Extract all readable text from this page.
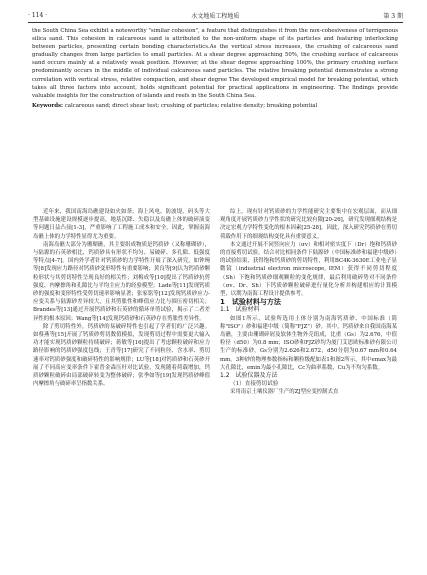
· 114 ·	水文地质工程地质	第 3 期

the South China Sea exhibit a noteworthy "similar cohesion", a feature that distinguishes it from the non-cohesiveness of terrigenous silica sand. This cohesion in calcareous sand is attributed to the non-uniform shape of its particles and featuring interlocking between particles, presenting certain bonding characteristics.As the vertical stress increases, the crushing of calcareous sand gradually changes from large particles to small particles. At a shear degree approaching 50%, the crushing surface of calcareous sand occurs mainly at a relatively weak position. However, at the shear degree approaching 100%, the primary crushing surface predominantly occurs in the middle of individual calcareous sand particles. The relative breaking potential demonstrates a strong correlation with vertical stress, relative compaction, and shear degree The developed empirical model for breaking potential, which takes all three factors into account, holds significant potential for practical applications in engineering. The findings provide valuable insights for the construction of islands and reefs in the South China Sea.

Keywords: calcareous sand; direct shear test; crushing of particles; relative density; breaking potential

近年来，我国南海岛礁建设如火如荼，海上风电、防波堤、码头等大型基础设施建设规模逐步提高，地基沉降、失稳以及岛礁上体的破碎演变等问题日益凸显[1-3]，严重影响了工程施工成本和安全。因此，掌握南海岛礁上体的力学特性显得尤为重要。

南海岛礁大部分为珊瑚礁，其主要组成物质是钙质砂（又称珊瑚砂），与陆源的石英砂相比，钙质砂具有形状不均匀、易破碎、多孔隙、低强度等特点[4-7]。国内外学者针对钙质砂的力学特性开展了深入研究，如钟琬等[8]发现应力路径对钙质砂变形特性有重要影响；黄良等[9]认为钙质砂颗粒形状与其剪切特性呈现良好的相关性；刘梅成等[10]提出了钙质砂抗剪强度、内摩擦角和孔隙比与平均主应力的经验模型；Lade等[11]发现钙质砂的强度和变形特性受剪切速率影响显著；张家铭等[12]发现钙质砂应力-应变关系与陆源砂差异较大，且其剪胀性和峰值应力比与围压密切相关；Brandes等[13]通过开展钙质砂和石英砂的循环单剪试验，揭示了二者差异性的根本原因；Wang等[14]发现钙质砂和石英砂存在剪胀性差异性。

除了剪切特性外，钙质砂的易破碎特性也引起了学者们的广泛兴趣。如蔡燕等[15]开展了钙质砂剪切数值模拟，发现剪切过程中需要更大输入功才能实现钙质砂颗粒持续破碎；蒋敏等[16]提出了考虑颗粒破碎和应力路径影响的钙质砂强度包线；王青等[17]研究了不同粒径、含水率、剪切速率对钙质砂强度和破碎特性的影响规律；LU等[18]对钙质砂和石英砂开展了不同高应变率条件下霍普金森压杆对比试验，发现随着荷载增加，钙质砂颗粒破碎由局部破碎转变为整体破碎；张季如等[19]发现钙质砂峰值内摩擦角与破碎率呈指数关系。

综上，现有针对钙质砂的力学性能研究主要集中在宏观层面，而从细观角度开展钙质砂力学性状的研究比较有限[20-26]，研究发现细观结构是决定宏观力学特性变化的根本因素[25-28]。因此，深入研究钙质砂在剪切荷载作用下的细观结构变化具有重要意义。

本文通过开展不同竖向应力（σv）和相对密实度下（Dr）饱和钙质砂的直接剪切试验，结合对比相同条件下陆源砂（中国标准砂和福建中级砂）的试验结果，获得饱和钙质砂的剪切特性，利用BC4K-3630E工业电子显微镜（industrial electron microscope, IEM）获得不同剪切程度（Sh）下饱和钙质砂细观颗粒的变化规律，最后利用破碎势对不同条件（σv、Dr、Sh）下钙质砂颗粒破碎进行量化分析并构建相应的计算模型，以期为南海工程设计提供参考。

1　试验材料与方法

1.1　试验材料

如图1所示，试验所选用土体分别为南海钙质砂、中国标准（简称"ISO"）砂和福建中级（简称"FJZ"）砂。其中，钙质砂来自我国南海某岛礁，主要由珊瑚碎屑及软体生物外壳组成，比重（Gs）为2.676，中值粒径（d50）为0.8 mm；ISO砂和FJZ砂均为厦门艾思欧标准砂有限公司生产的标准砂，Gs分别为2.626和2.672，d50分别为0.67 mm和0.64 mm。3种砂的物理参数指标和颗粒级配如表1和图2所示，其中emax为最大孔隙比，emin为最小孔隙比，Cc为曲率系数，Cu为不均匀系数。

1.2　试验仪器及方法

（1）直接剪切试验

采用南京土壤仪器厂生产的ZJ型应变控制式直
